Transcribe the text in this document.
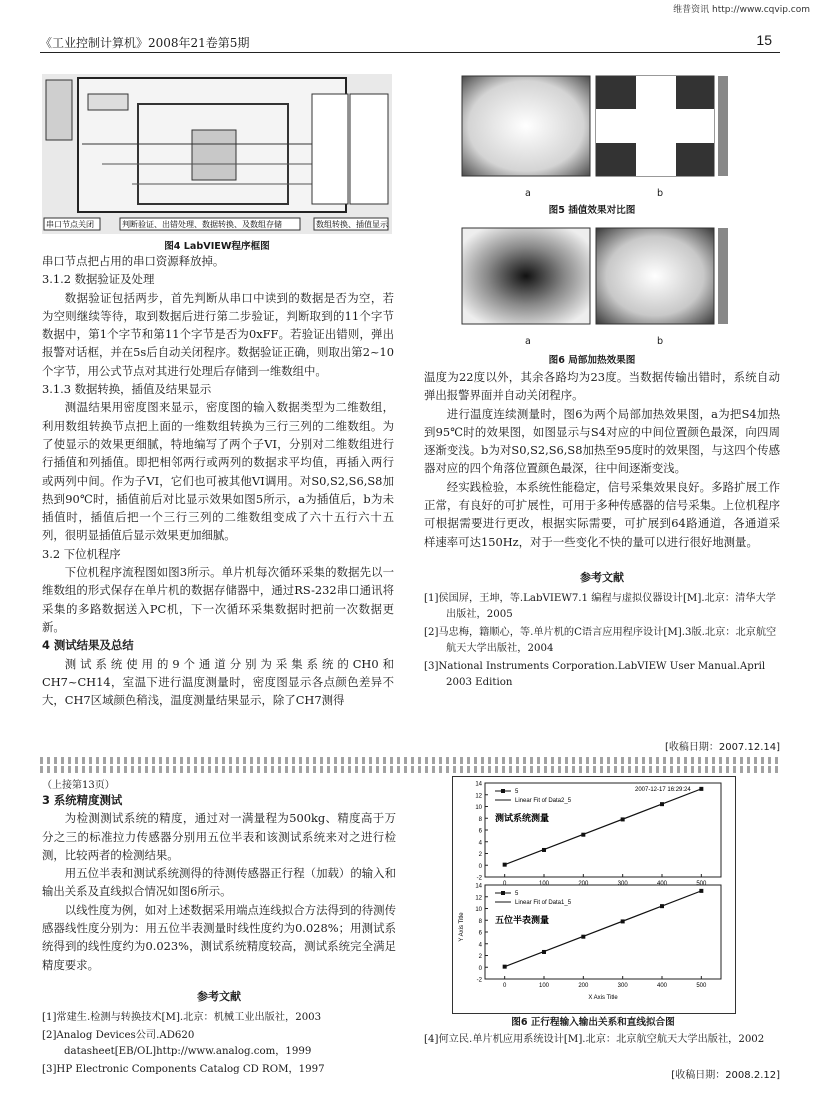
维普资讯 http://www.cqvip.com
《工业控制计算机》2008年21卷第5期	15
串口节点关闭	判断验证、出错处理、数据转换、及数组存储	数组转换、插值显示
图4 LabVIEW程序框图
串口节点把占用的串口资源释放掉。
3.1.2 数据验证及处理
数据验证包括两步，首先判断从串口中读到的数据是否为空，若为空则继续等待，取到数据后进行第二步验证，判断取到的11个字节数据中，第1个字节和第11个字节是否为0xFF。若验证出错则，弹出报警对话框，并在5s后自动关闭程序。数据验证正确，则取出第2~10个字节，用公式节点对其进行处理后存储到一维数组中。
3.1.3 数据转换，插值及结果显示
测温结果用密度图来显示，密度图的输入数据类型为二维数组，利用数组转换节点把上面的一维数组转换为三行三列的二维数组。为了使显示的效果更细腻，特地编写了两个子VI，分别对二维数组进行行插值和列插值。即把相邻两行或两列的数据求平均值，再插入两行或两列中间。作为子VI，它们也可被其他VI调用。对S0,S2,S6,S8加热到90℃时，插值前后对比显示效果如图5所示，a为插值后，b为未插值时，插值后把一个三行三列的二维数组变成了六十五行六十五列，很明显插值后显示效果更加细腻。
3.2 下位机程序
下位机程序流程图如图3所示。单片机每次循环采集的数据先以一维数组的形式保存在单片机的数据存储器中，通过RS-232串口通讯将采集的多路数据送入PC机，下一次循环采集数据时把前一次数据更新。
4 测试结果及总结
测试系统使用的9个通道分别为采集系统的CH0和CH7~CH14，室温下进行温度测量时，密度图显示各点颜色差异不大，CH7区域颜色稍浅，温度测量结果显示，除了CH7测得
a	b
图5 插值效果对比图
a	b
图6 局部加热效果图
温度为22度以外，其余各路均为23度。当数据传输出错时，系统自动弹出报警界面并自动关闭程序。
进行温度连续测量时，图6为两个局部加热效果图，a为把S4加热到95℃时的效果图，如图显示与S4对应的中间位置颜色最深，向四周逐渐变浅。b为对S0,S2,S6,S8加热至95度时的效果图，与这四个传感器对应的四个角落位置颜色最深，往中间逐渐变浅。
经实践检验，本系统性能稳定，信号采集效果良好。多路扩展工作正常，有良好的可扩展性，可用于多种传感器的信号采集。上位机程序可根据需要进行更改，根据实际需要，可扩展到64路通道，各通道采样速率可达150Hz，对于一些变化不快的量可以进行很好地测量。
参考文献
[1]侯国屏，王坤，等.LabVIEW7.1 编程与虚拟仪器设计[M].北京：清华大学出版社，2005
[2]马忠梅，籍顺心，等.单片机的C语言应用程序设计[M].3版.北京：北京航空航天大学出版社，2004
[3]National Instruments Corporation.LabVIEW User Manual.April 2003 Edition
[收稿日期：2007.12.14]
（上接第13页）
3 系统精度测试
为检测测试系统的精度，通过对一满量程为500kg、精度高于万分之三的标准拉力传感器分别用五位半表和该测试系统来对之进行检测，比较两者的检测结果。
用五位半表和测试系统测得的待测传感器正行程（加载）的输入和输出关系及直线拟合情况如图6所示。
以线性度为例，如对上述数据采用端点连线拟合方法得到的待测传感器线性度分别为：用五位半表测量时线性度约为0.028%；用测试系统得到的线性度约为0.023%，测试系统精度较高，测试系统完全满足精度要求。
参考文献
[1]常建生.检测与转换技术[M].北京：机械工业出版社，2003
[2]Analog Devices公司.AD620 datasheet[EB/OL]http://www.analog.com，1999
[3]HP Electronic Components Catalog CD ROM，1997
14
12
10
8
6
4
2
0
-2
0	100	200	300	400	500
5
Linear Fit of Data2_5
测试系统测量
14
12
10
8
6
4
2
0
-2
0	100	200	300	400	500
5
Linear Fit of Data1_5
五位半表测量
2007-12-17 16:29:24
X Axis Title
Y Axis Title
图6 正行程输入输出关系和直线拟合图
[4]何立民.单片机应用系统设计[M].北京：北京航空航天大学出版社，2002
[收稿日期：2008.2.12]
